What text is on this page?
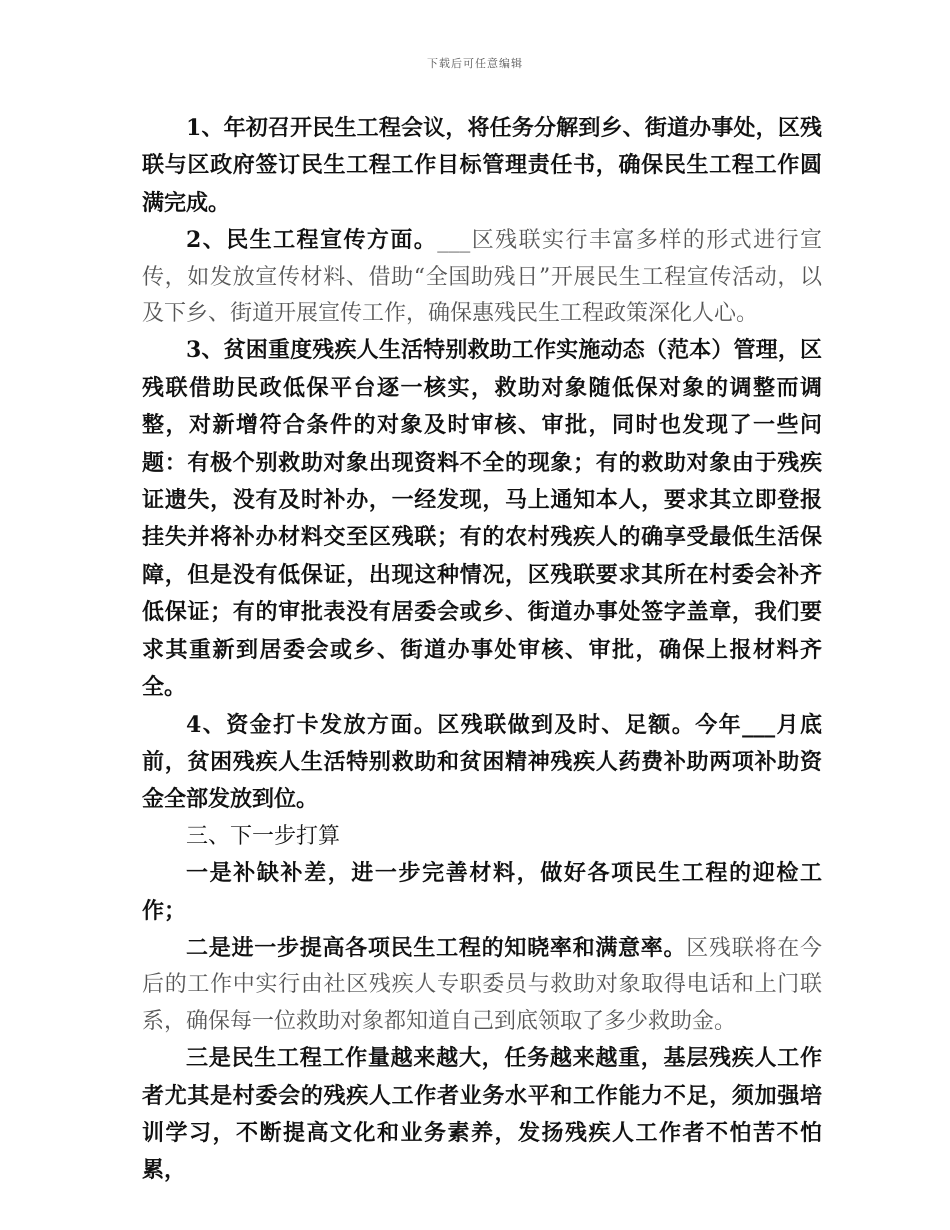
下载后可任意编辑

1、年初召开民生工程会议，将任务分解到乡、街道办事处，区残联与区政府签订民生工程工作目标管理责任书，确保民生工程工作圆满完成。

2、民生工程宣传方面。___区残联实行丰富多样的形式进行宣传，如发放宣传材料、借助“全国助残日”开展民生工程宣传活动，以及下乡、街道开展宣传工作，确保惠残民生工程政策深化人心。

3、贫困重度残疾人生活特别救助工作实施动态（范本）管理，区残联借助民政低保平台逐一核实，救助对象随低保对象的调整而调整，对新增符合条件的对象及时审核、审批，同时也发现了一些问题：有极个别救助对象出现资料不全的现象；有的救助对象由于残疾证遗失，没有及时补办，一经发现，马上通知本人，要求其立即登报挂失并将补办材料交至区残联；有的农村残疾人的确享受最低生活保障，但是没有低保证，出现这种情况，区残联要求其所在村委会补齐低保证；有的审批表没有居委会或乡、街道办事处签字盖章，我们要求其重新到居委会或乡、街道办事处审核、审批，确保上报材料齐全。

4、资金打卡发放方面。区残联做到及时、足额。今年___月底前，贫困残疾人生活特别救助和贫困精神残疾人药费补助两项补助资金全部发放到位。

三、下一步打算

一是补缺补差，进一步完善材料，做好各项民生工程的迎检工作；

二是进一步提高各项民生工程的知晓率和满意率。区残联将在今后的工作中实行由社区残疾人专职委员与救助对象取得电话和上门联系，确保每一位救助对象都知道自己到底领取了多少救助金。

三是民生工程工作量越来越大，任务越来越重，基层残疾人工作者尤其是村委会的残疾人工作者业务水平和工作能力不足，须加强培训学习，不断提高文化和业务素养，发扬残疾人工作者不怕苦不怕累，
